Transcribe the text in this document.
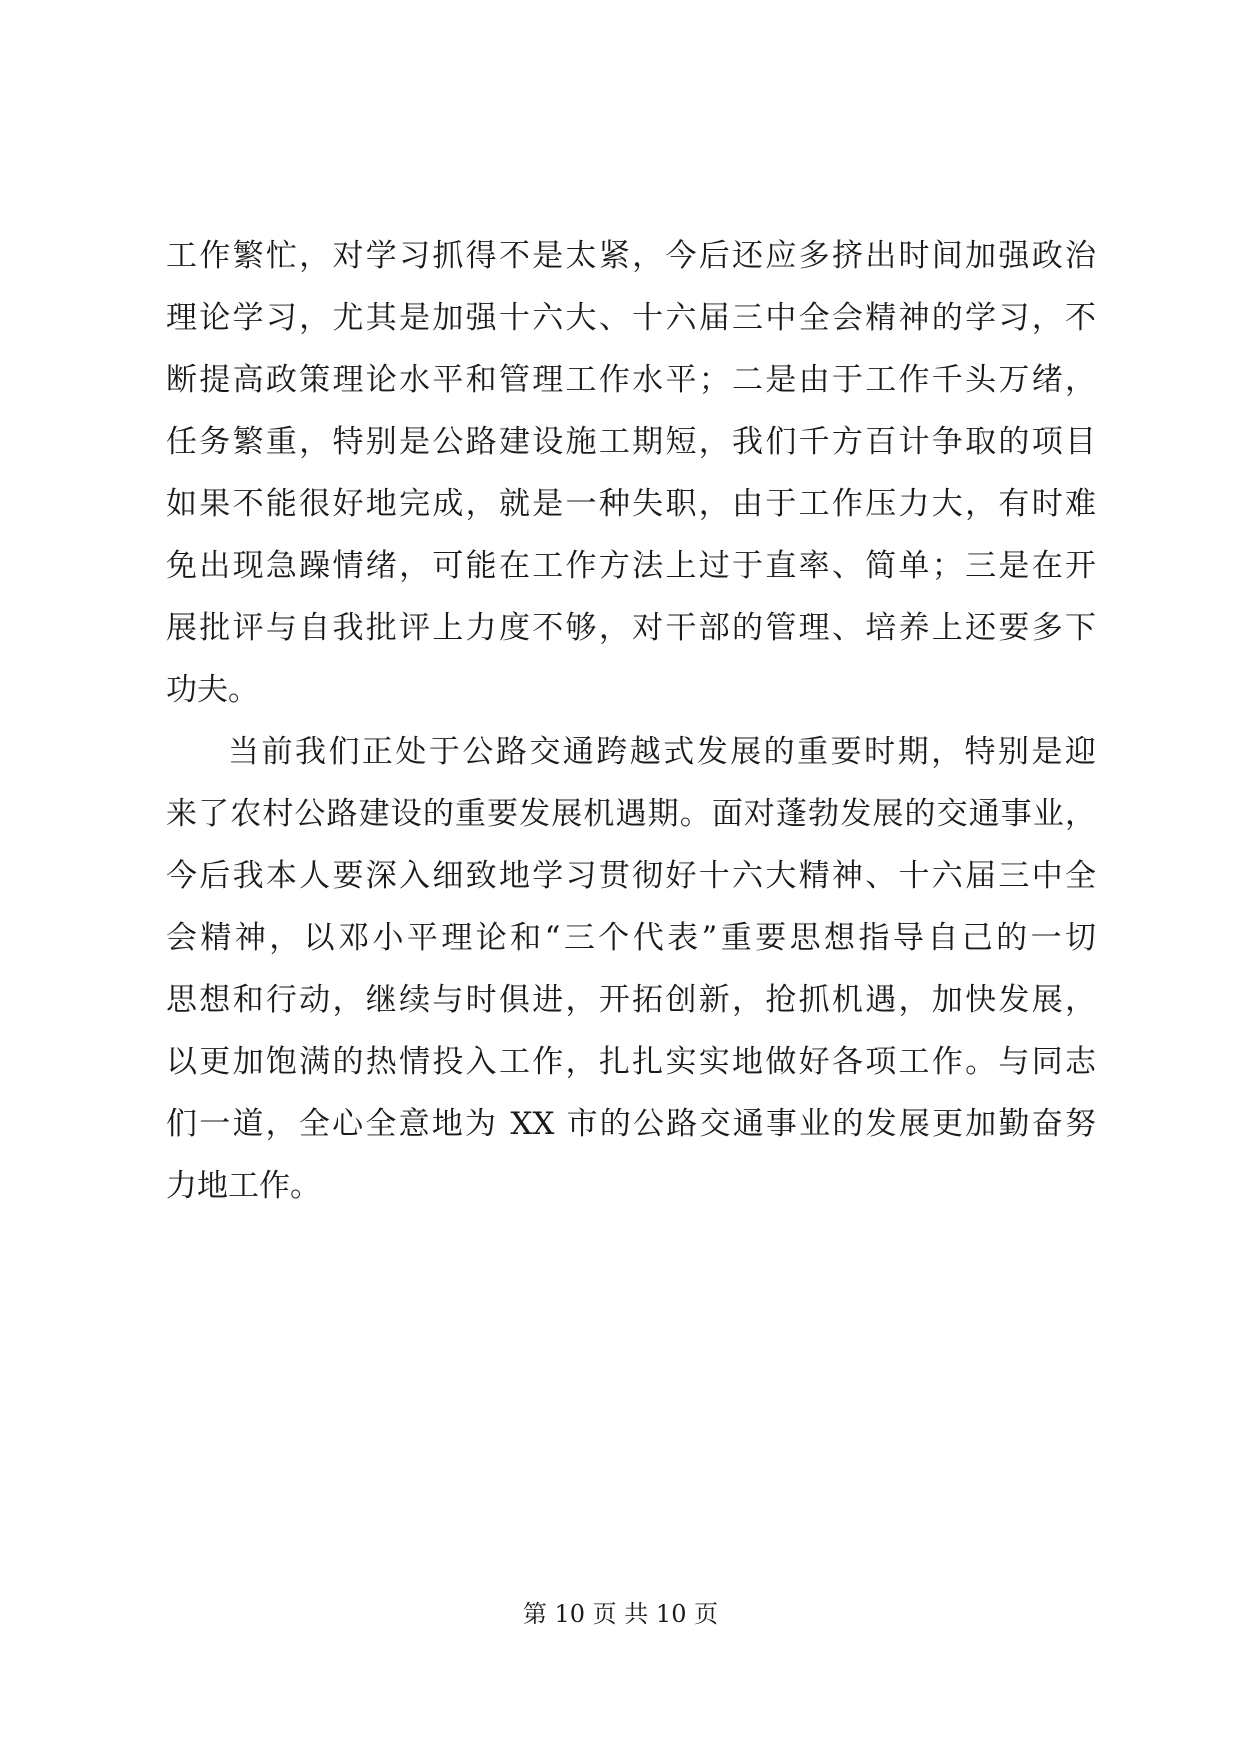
工作繁忙，对学习抓得不是太紧，今后还应多挤出时间加强政治
理论学习，尤其是加强十六大、十六届三中全会精神的学习，不
断提高政策理论水平和管理工作水平；二是由于工作千头万绪，
任务繁重，特别是公路建设施工期短，我们千方百计争取的项目
如果不能很好地完成，就是一种失职，由于工作压力大，有时难
免出现急躁情绪，可能在工作方法上过于直率、简单；三是在开
展批评与自我批评上力度不够，对干部的管理、培养上还要多下
功夫。
当前我们正处于公路交通跨越式发展的重要时期，特别是迎
来了农村公路建设的重要发展机遇期。面对蓬勃发展的交通事业，
今后我本人要深入细致地学习贯彻好十六大精神、十六届三中全
会精神，以邓小平理论和“三个代表”重要思想指导自己的一切
思想和行动，继续与时俱进，开拓创新，抢抓机遇，加快发展，
以更加饱满的热情投入工作，扎扎实实地做好各项工作。与同志
们一道，全心全意地为 XX 市的公路交通事业的发展更加勤奋努
力地工作。
第 10 页 共 10 页
